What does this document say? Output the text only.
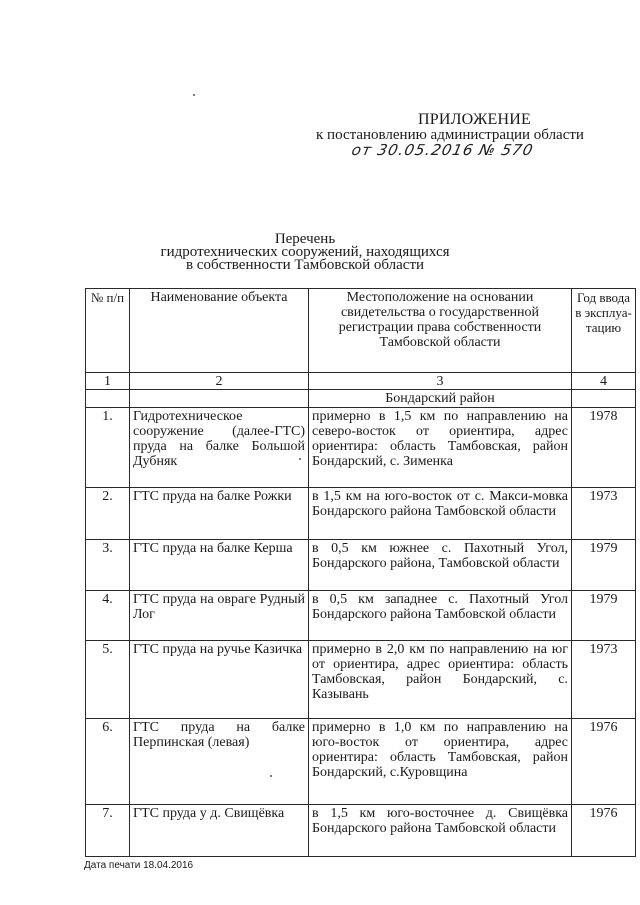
ПРИЛОЖЕНИЕ
к постановлению администрации области
от 30.05.2016 № 570
Перечень
гидротехнических сооружений, находящихся
в собственности Тамбовской области
№ п/п	Наименование объекта	Местоположение на основании свидетельства о государственной регистрации права собственности Тамбовской области	Год ввода в эксплуа-тацию
1	2	3	4
		Бондарский район	
1.	Гидротехническое сооружение (далее-ГТС) пруда на балке Большой Дубняк	примерно в 1,5 км по направлению на северо-восток от ориентира, адрес ориентира: область Тамбовская, район Бондарский, с. Зименка	1978
2.	ГТС пруда на балке Рожки	в 1,5 км на юго-восток от с. Макси-мовка Бондарского района Тамбовской области	1973
3.	ГТС пруда на балке Керша	в 0,5 км южнее с. Пахотный Угол, Бондарского района, Тамбовской области	1979
4.	ГТС пруда на овраге Рудный Лог	в 0,5 км западнее с. Пахотный Угол Бондарского района Тамбовской области	1979
5.	ГТС пруда на ручье Казичка	примерно в 2,0 км по направлению на юг от ориентира, адрес ориентира: область Тамбовская, район Бондарский, с. Казывань	1973
6.	ГТС пруда на балке Перпинская (левая)	примерно в 1,0 км по направлению на юго-восток от ориентира, адрес ориентира: область Тамбовская, район Бондарский, с.Куровщина	1976
7.	ГТС пруда у д. Свищёвка	в 1,5 км юго-восточнее д. Свищёвка Бондарского района Тамбовской области	1976
Дата печати 18.04.2016
